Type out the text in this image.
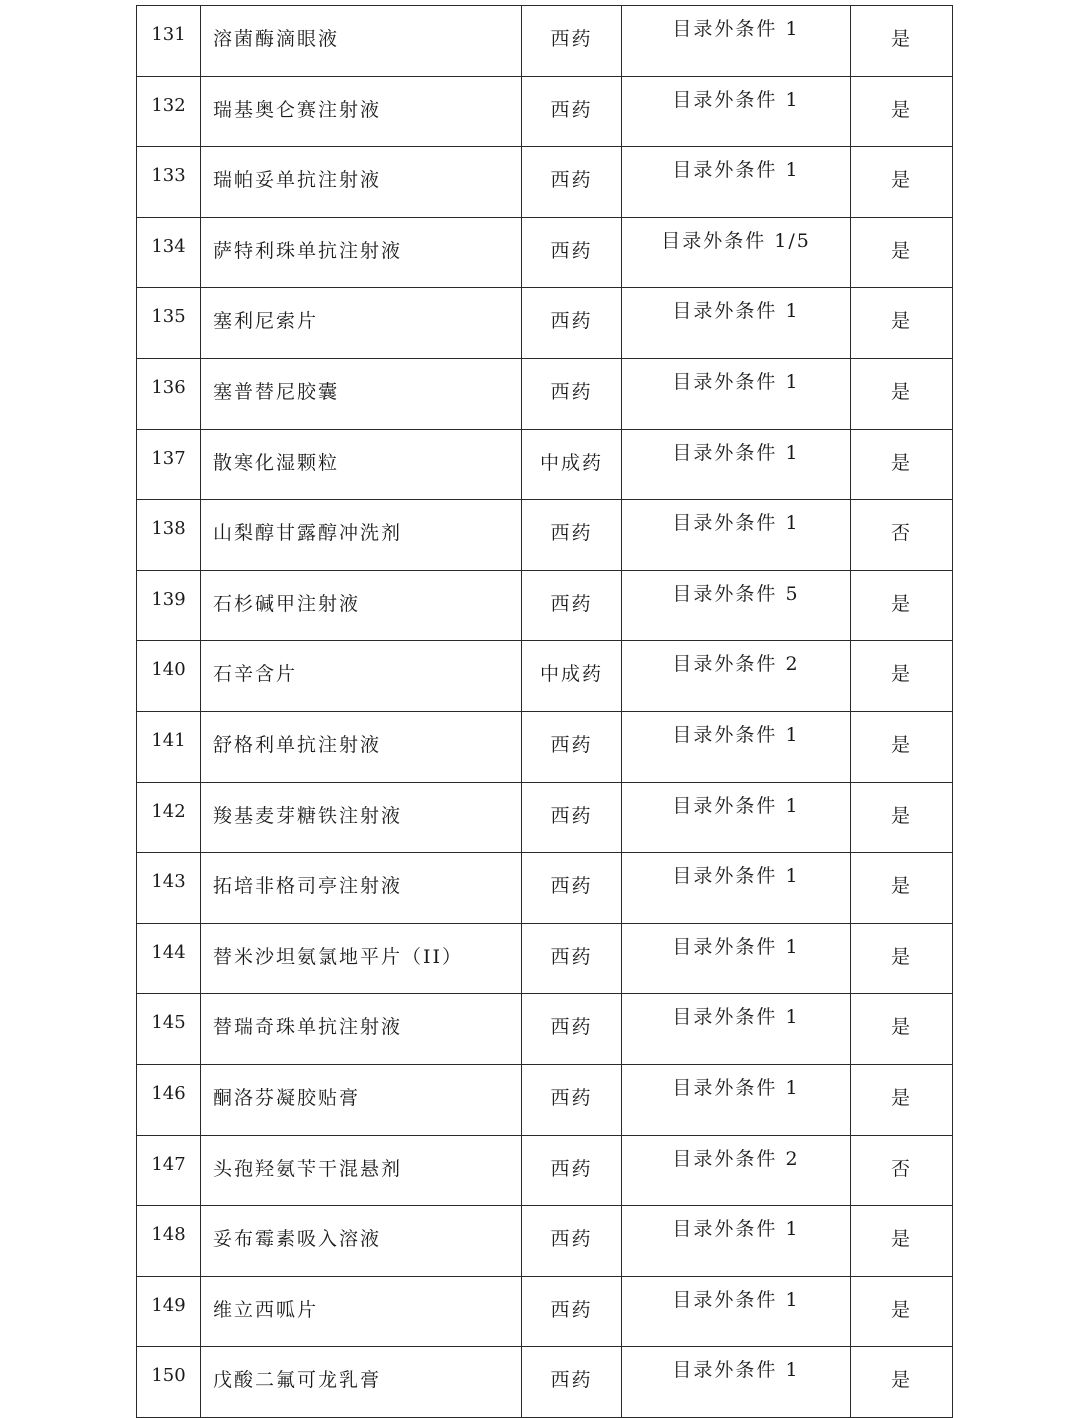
131	溶菌酶滴眼液	西药	目录外条件 1	是
132	瑞基奥仑赛注射液	西药	目录外条件 1	是
133	瑞帕妥单抗注射液	西药	目录外条件 1	是
134	萨特利珠单抗注射液	西药	目录外条件 1/5	是
135	塞利尼索片	西药	目录外条件 1	是
136	塞普替尼胶囊	西药	目录外条件 1	是
137	散寒化湿颗粒	中成药	目录外条件 1	是
138	山梨醇甘露醇冲洗剂	西药	目录外条件 1	否
139	石杉碱甲注射液	西药	目录外条件 5	是
140	石辛含片	中成药	目录外条件 2	是
141	舒格利单抗注射液	西药	目录外条件 1	是
142	羧基麦芽糖铁注射液	西药	目录外条件 1	是
143	拓培非格司亭注射液	西药	目录外条件 1	是
144	替米沙坦氨氯地平片（II）	西药	目录外条件 1	是
145	替瑞奇珠单抗注射液	西药	目录外条件 1	是
146	酮洛芬凝胶贴膏	西药	目录外条件 1	是
147	头孢羟氨苄干混悬剂	西药	目录外条件 2	否
148	妥布霉素吸入溶液	西药	目录外条件 1	是
149	维立西呱片	西药	目录外条件 1	是
150	戊酸二氟可龙乳膏	西药	目录外条件 1	是
